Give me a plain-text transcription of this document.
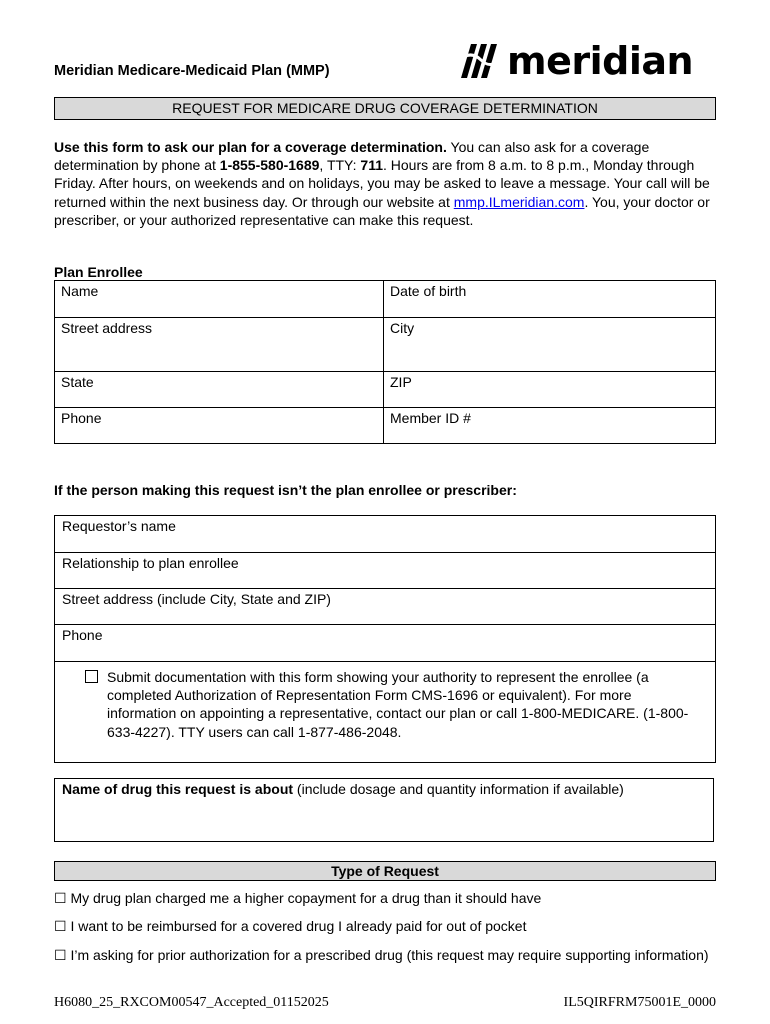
Meridian Medicare-Medicaid Plan (MMP)	meridian
REQUEST FOR MEDICARE DRUG COVERAGE DETERMINATION
Use this form to ask our plan for a coverage determination. You can also ask for a coverage determination by phone at 1-855-580-1689, TTY: 711. Hours are from 8 a.m. to 8 p.m., Monday through Friday. After hours, on weekends and on holidays, you may be asked to leave a message. Your call will be returned within the next business day. Or through our website at mmp.ILmeridian.com. You, your doctor or prescriber, or your authorized representative can make this request.
Plan Enrollee
Name	Date of birth
Street address	City
State	ZIP
Phone	Member ID #
If the person making this request isn’t the plan enrollee or prescriber:
Requestor’s name
Relationship to plan enrollee
Street address (include City, State and ZIP)
Phone
Submit documentation with this form showing your authority to represent the enrollee (a completed Authorization of Representation Form CMS-1696 or equivalent). For more information on appointing a representative, contact our plan or call 1-800-MEDICARE. (1-800-633-4227). TTY users can call 1-877-486-2048.
Name of drug this request is about (include dosage and quantity information if available)
Type of Request
☐ My drug plan charged me a higher copayment for a drug than it should have
☐ I want to be reimbursed for a covered drug I already paid for out of pocket
☐ I’m asking for prior authorization for a prescribed drug (this request may require supporting information)
H6080_25_RXCOM00547_Accepted_01152025	IL5QIRFRM75001E_0000
